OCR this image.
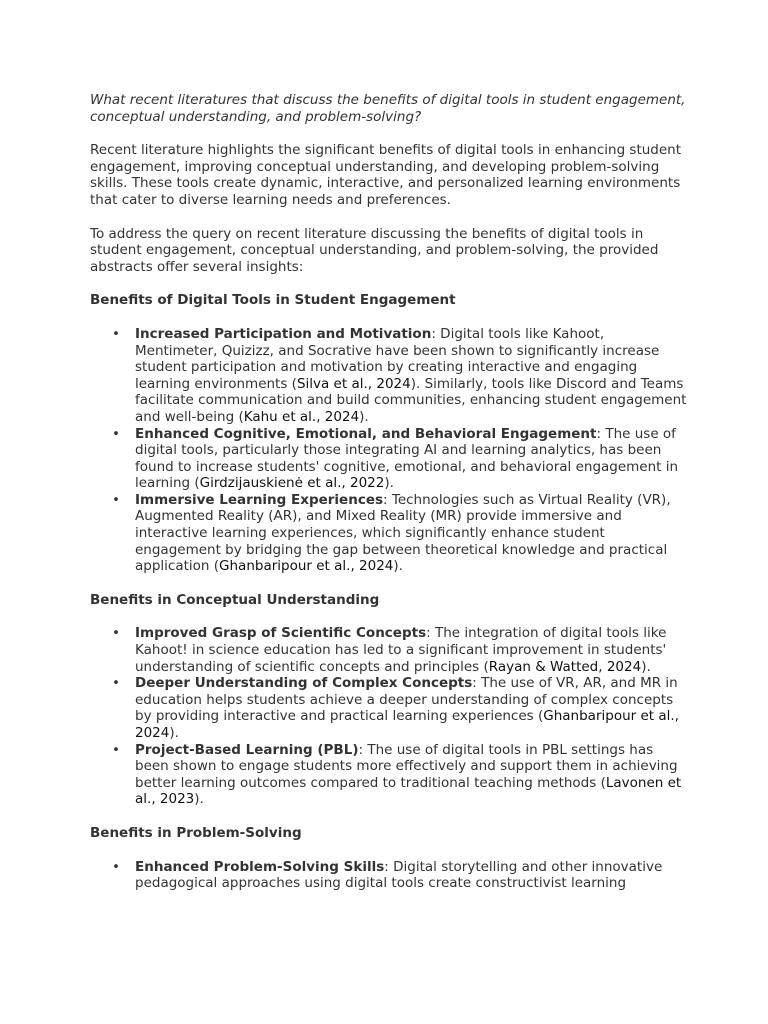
What recent literatures that discuss the benefits of digital tools in student engagement, conceptual understanding, and problem-solving?

Recent literature highlights the significant benefits of digital tools in enhancing student engagement, improving conceptual understanding, and developing problem-solving skills. These tools create dynamic, interactive, and personalized learning environments that cater to diverse learning needs and preferences.

To address the query on recent literature discussing the benefits of digital tools in student engagement, conceptual understanding, and problem-solving, the provided abstracts offer several insights:

Benefits of Digital Tools in Student Engagement
• Increased Participation and Motivation: Digital tools like Kahoot, Mentimeter, Quizizz, and Socrative have been shown to significantly increase student participation and motivation by creating interactive and engaging learning environments (Silva et al., 2024). Similarly, tools like Discord and Teams facilitate communication and build communities, enhancing student engagement and well-being (Kahu et al., 2024).
• Enhanced Cognitive, Emotional, and Behavioral Engagement: The use of digital tools, particularly those integrating AI and learning analytics, has been found to increase students' cognitive, emotional, and behavioral engagement in learning (Girdzijauskienė et al., 2022).
• Immersive Learning Experiences: Technologies such as Virtual Reality (VR), Augmented Reality (AR), and Mixed Reality (MR) provide immersive and interactive learning experiences, which significantly enhance student engagement by bridging the gap between theoretical knowledge and practical application (Ghanbaripour et al., 2024).
Benefits in Conceptual Understanding
• Improved Grasp of Scientific Concepts: The integration of digital tools like Kahoot! in science education has led to a significant improvement in students' understanding of scientific concepts and principles (Rayan & Watted, 2024).
• Deeper Understanding of Complex Concepts: The use of VR, AR, and MR in education helps students achieve a deeper understanding of complex concepts by providing interactive and practical learning experiences (Ghanbaripour et al., 2024).
• Project-Based Learning (PBL): The use of digital tools in PBL settings has been shown to engage students more effectively and support them in achieving better learning outcomes compared to traditional teaching methods (Lavonen et al., 2023).
Benefits in Problem-Solving
• Enhanced Problem-Solving Skills: Digital storytelling and other innovative pedagogical approaches using digital tools create constructivist learning
